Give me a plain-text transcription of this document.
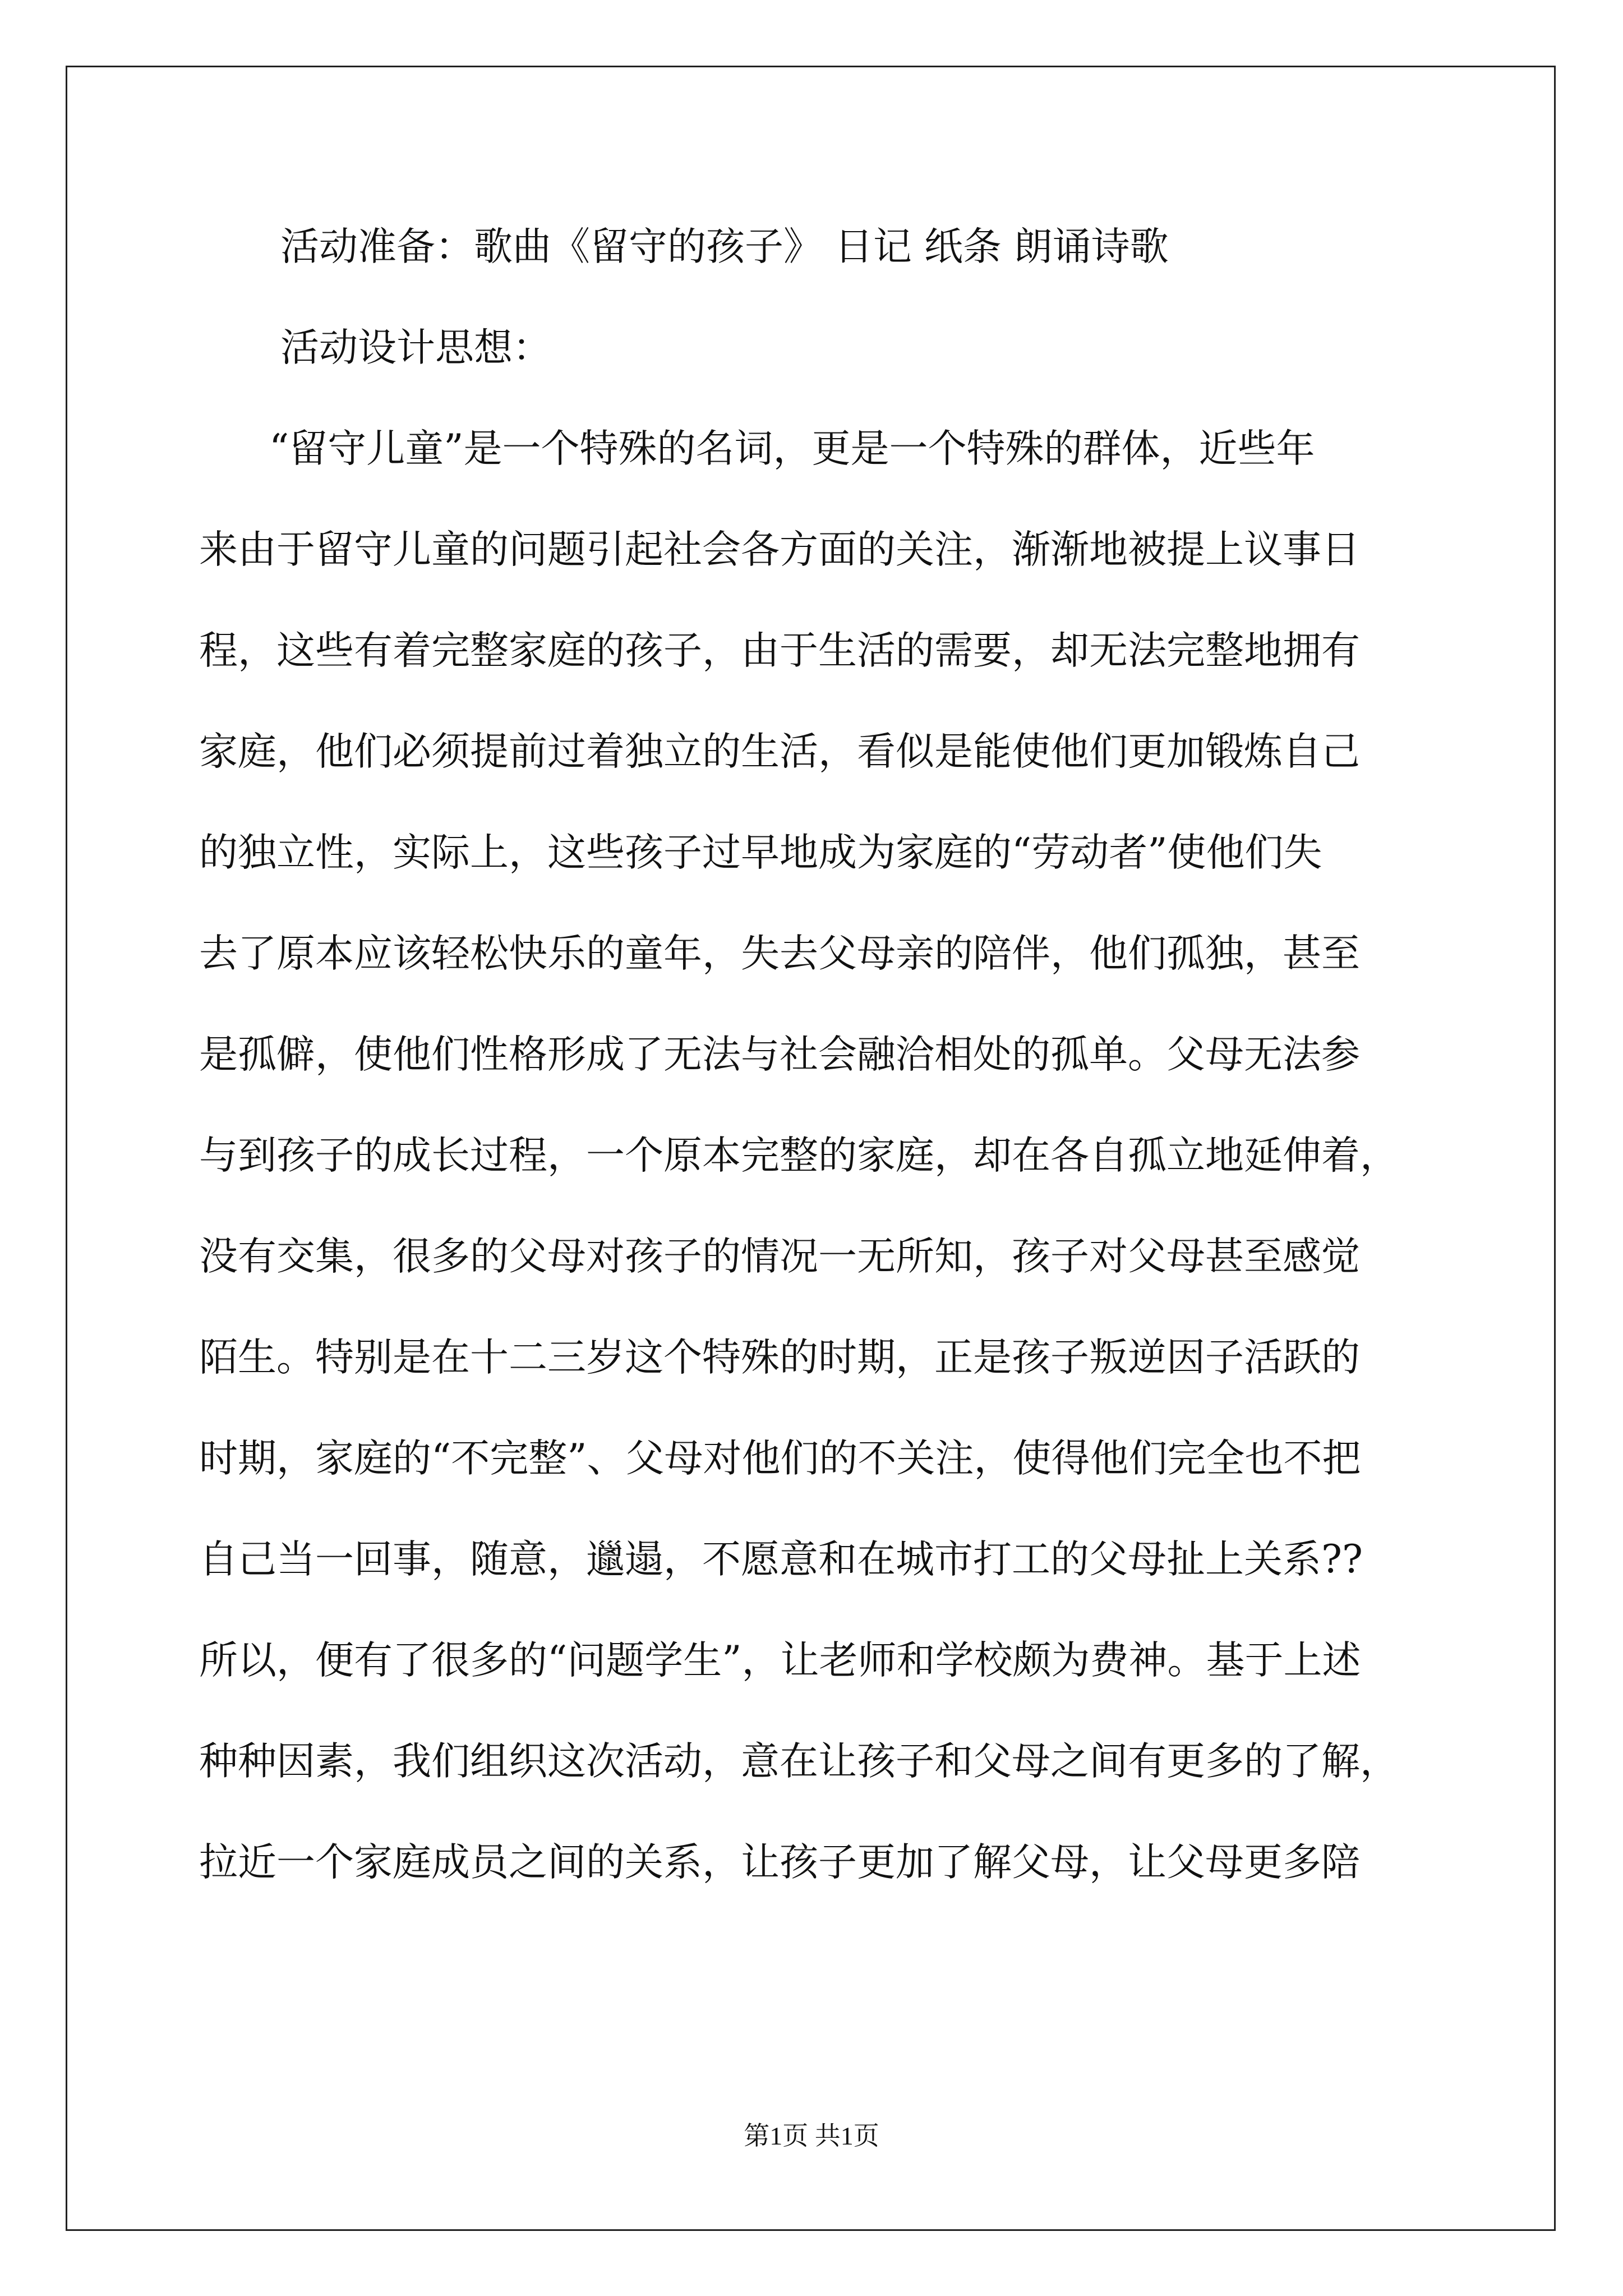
活动准备：歌曲《留守的孩子》 日记 纸条 朗诵诗歌
活动设计思想：
“留守儿童”是一个特殊的名词，更是一个特殊的群体，近些年
来由于留守儿童的问题引起社会各方面的关注，渐渐地被提上议事日
程，这些有着完整家庭的孩子，由于生活的需要，却无法完整地拥有
家庭，他们必须提前过着独立的生活，看似是能使他们更加锻炼自己
的独立性，实际上，这些孩子过早地成为家庭的“劳动者”使他们失
去了原本应该轻松快乐的童年，失去父母亲的陪伴，他们孤独，甚至
是孤僻，使他们性格形成了无法与社会融洽相处的孤单。父母无法参
与到孩子的成长过程，一个原本完整的家庭，却在各自孤立地延伸着，
没有交集，很多的父母对孩子的情况一无所知，孩子对父母甚至感觉
陌生。特别是在十二三岁这个特殊的时期，正是孩子叛逆因子活跃的
时期，家庭的“不完整”、父母对他们的不关注，使得他们完全也不把
自己当一回事，随意，邋遢，不愿意和在城市打工的父母扯上关系??
所以，便有了很多的“问题学生”，让老师和学校颇为费神。基于上述
种种因素，我们组织这次活动，意在让孩子和父母之间有更多的了解，
拉近一个家庭成员之间的关系，让孩子更加了解父母，让父母更多陪
第1页 共1页
